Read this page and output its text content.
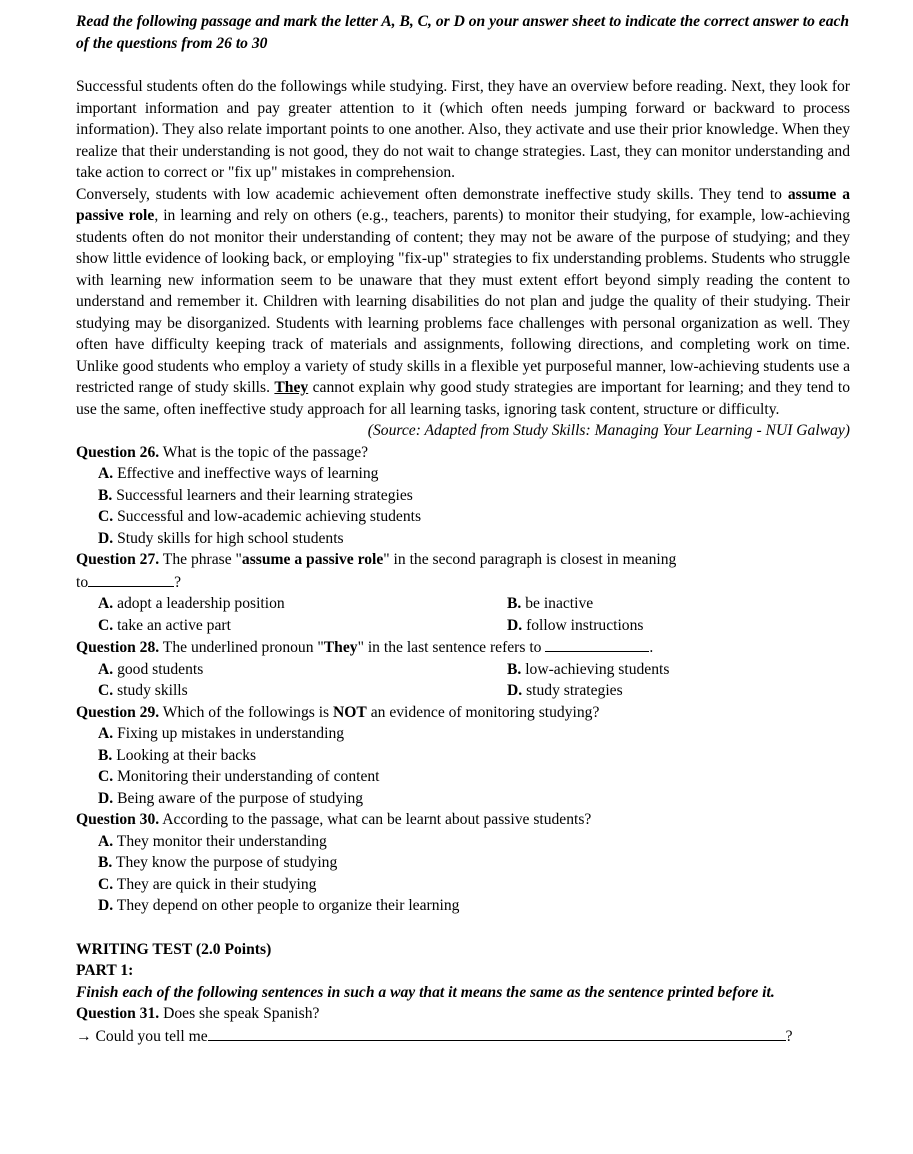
Read the following passage and mark the letter A, B, C, or D on your answer sheet to indicate the correct answer to each of the questions from 26 to 30

Successful students often do the followings while studying. First, they have an overview before reading. Next, they look for important information and pay greater attention to it (which often needs jumping forward or backward to process information). They also relate important points to one another. Also, they activate and use their prior knowledge. When they realize that their understanding is not good, they do not wait to change strategies. Last, they can monitor understanding and take action to correct or "fix up" mistakes in comprehension.

Conversely, students with low academic achievement often demonstrate ineffective study skills. They tend to assume a passive role, in learning and rely on others (e.g., teachers, parents) to monitor their studying, for example, low-achieving students often do not monitor their understanding of content; they may not be aware of the purpose of studying; and they show little evidence of looking back, or employing "fix-up" strategies to fix understanding problems. Students who struggle with learning new information seem to be unaware that they must extent effort beyond simply reading the content to understand and remember it. Children with learning disabilities do not plan and judge the quality of their studying. Their studying may be disorganized. Students with learning problems face challenges with personal organization as well. They often have difficulty keeping track of materials and assignments, following directions, and completing work on time. Unlike good students who employ a variety of study skills in a flexible yet purposeful manner, low-achieving students use a restricted range of study skills. They cannot explain why good study strategies are important for learning; and they tend to use the same, often ineffective study approach for all learning tasks, ignoring task content, structure or difficulty.

(Source: Adapted from Study Skills: Managing Your Learning - NUI Galway)

Question 26. What is the topic of the passage?

A. Effective and ineffective ways of learning

B. Successful learners and their learning strategies

C. Successful and low-academic achieving students

D. Study skills for high school students

Question 27. The phrase "assume a passive role" in the second paragraph is closest in meaning

to	?

A. adopt a leadership position	B. be inactive
C. take an active part	D. follow instructions

Question 28. The underlined pronoun "They" in the last sentence refers to	.

A. good students	B. low-achieving students
C. study skills	D. study strategies

Question 29. Which of the followings is NOT an evidence of monitoring studying?

A. Fixing up mistakes in understanding

B. Looking at their backs

C. Monitoring their understanding of content

D. Being aware of the purpose of studying

Question 30. According to the passage, what can be learnt about passive students?

A. They monitor their understanding

B. They know the purpose of studying

C. They are quick in their studying

D. They depend on other people to organize their learning

WRITING TEST (2.0 Points)

PART 1:

Finish each of the following sentences in such a way that it means the same as the sentence printed before it.

Question 31. Does she speak Spanish?

→ Could you tell me	?
